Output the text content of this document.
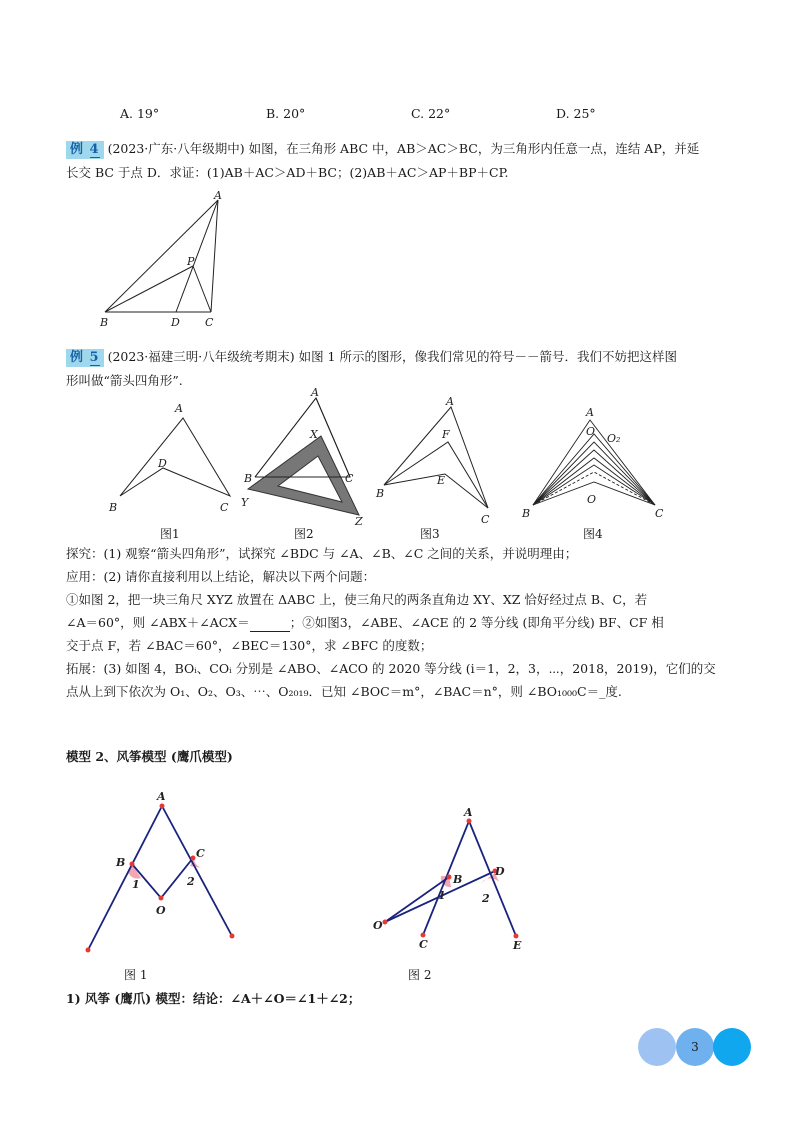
A. 19°	B. 20°	C. 22°	D. 25°
例 4 (2023·广东·八年级期中) 如图，在三角形 ABC 中，AB＞AC＞BC，为三角形内任意一点，连结 AP，并延
长交 BC 于点 D．求证：(1)AB＋AC＞AD＋BC；(2)AB＋AC＞AP＋BP＋CP.
A
P
B	D C
例 5 (2023·福建三明·八年级统考期末) 如图 1 所示的图形，像我们常见的符号－－箭号．我们不妨把这样图
形叫做“箭头四角形”.
A
D
B	C
图1
A
X
B	C
Y
Z
图2
A
F
E
B
C
图3
A
O
O₂
O
B	C
图4
探究：(1) 观察“箭头四角形”，试探究 ∠BDC 与 ∠A、∠B、∠C 之间的关系，并说明理由；
应用：(2) 请你直接利用以上结论，解决以下两个问题：
①如图 2，把一块三角尺 XYZ 放置在 ΔABC 上，使三角尺的两条直角边 XY、XZ 恰好经过点 B、C，若
∠A＝60°，则 ∠ABX＋∠ACX＝	；②如图3，∠ABE、∠ACE 的 2 等分线 (即角平分线) BF、CF 相
交于点 F，若 ∠BAC＝60°，∠BEC＝130°，求 ∠BFC 的度数；
拓展：(3) 如图 4，BOᵢ、COᵢ 分别是 ∠ABO、∠ACO 的 2020 等分线 (i＝1，2，3，⋯，2018，2019)，它们的交
点从上到下依次为 O₁、O₂、O₃、⋯、O₂₀₁₉．已知 ∠BOC＝m°，∠BAC＝n°，则 ∠BO₁₀₀₀C＝_度.
模型 2、风筝模型 (鹰爪模型)
A
B
C
O
1	2
图 1
A
B
D
O
C	E
1	2
图 2
1) 风筝 (鹰爪) 模型：结论：∠A＋∠O＝∠1＋∠2；
3
